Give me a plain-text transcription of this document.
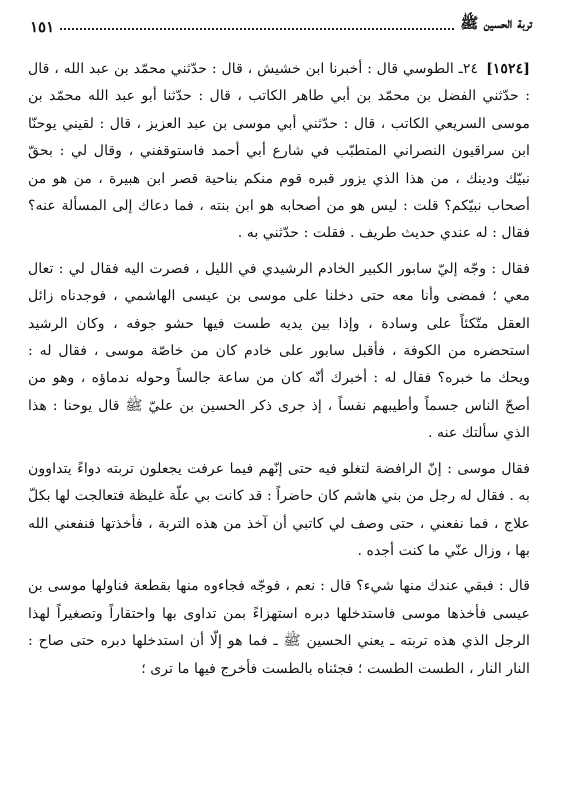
تربة الحسين ﷺ
١٥١

[١٥٢٤]٢٤ـ الطوسي قال : أخبرنا ابن خشيش ، قال : حدّثني محمّد بن عبد الله ، قال : حدّثني الفضل بن محمّد بن أبي طاهر الكاتب ، قال : حدّثنا أبو عبد الله محمّد بن موسى السريعي الكاتب ، قال : حدّثني أبي موسى بن عبد العزيز ، قال : لقيني يوحنّا ابن سراقيون النصراني المتطبّب في شارع أبي أحمد فاستوقفني ، وقال لي : بحقّ نبيّك ودينك ، من هذا الذي يزور قبره قوم منكم بناحية قصر ابن هبيرة ، من هو من أصحاب نبيّكم؟ قلت : ليس هو من أصحابه هو ابن بنته ، فما دعاك إلى المسألة عنه؟ فقال : له عندي حديث طريف . فقلت : حدّثني به .

فقال : وجّه إليّ سابور الكبير الخادم الرشيدي في الليل ، فصرت اليه فقال لي : تعال معي ؛ فمضى وأنا معه حتى دخلنا على موسى بن عيسى الهاشمي ، فوجدناه زائل العقل متّكئاً على وسادة ، وإذا بين يديه طست فيها حشو جوفه ، وكان الرشيد استحضره من الكوفة ، فأقبل سابور على خادم كان من خاصّة موسى ، فقال له : ويحك ما خبره؟ فقال له : أخبرك أنّه كان من ساعة جالساً وحوله ندماؤه ، وهو من أصحّ الناس جسماً وأطيبهم نفساً ، إذ جرى ذكر الحسين بن عليّ ﷺ قال يوحنا : هذا الذي سألتك عنه .

فقال موسى : إنّ الرافضة لتغلو فيه حتى إنّهم فيما عرفت يجعلون تربته دواءً يتداوون به . فقال له رجل من بني هاشم كان حاضراً : قد كانت بي علّة غليظة فتعالجت لها بكلّ علاج ، فما نفعني ، حتى وصف لي كاتبي أن آخذ من هذه التربة ، فأخذتها فنفعني الله بها ، وزال عنّي ما كنت أجده .

قال : فبقي عندك منها شيء؟ قال : نعم ، فوجّه فجاءوه منها بقطعة فناولها موسى بن عيسى فأخذها موسى فاستدخلها دبره استهزاءً بمن تداوى بها واحتقاراً وتصغيراً لهذا الرجل الذي هذه تربته ـ يعني الحسين ﷺ ـ فما هو إلّا أن استدخلها دبره حتى صاح : النار النار ، الطست الطست ؛ فجئناه بالطست فأخرج فيها ما ترى ؛
